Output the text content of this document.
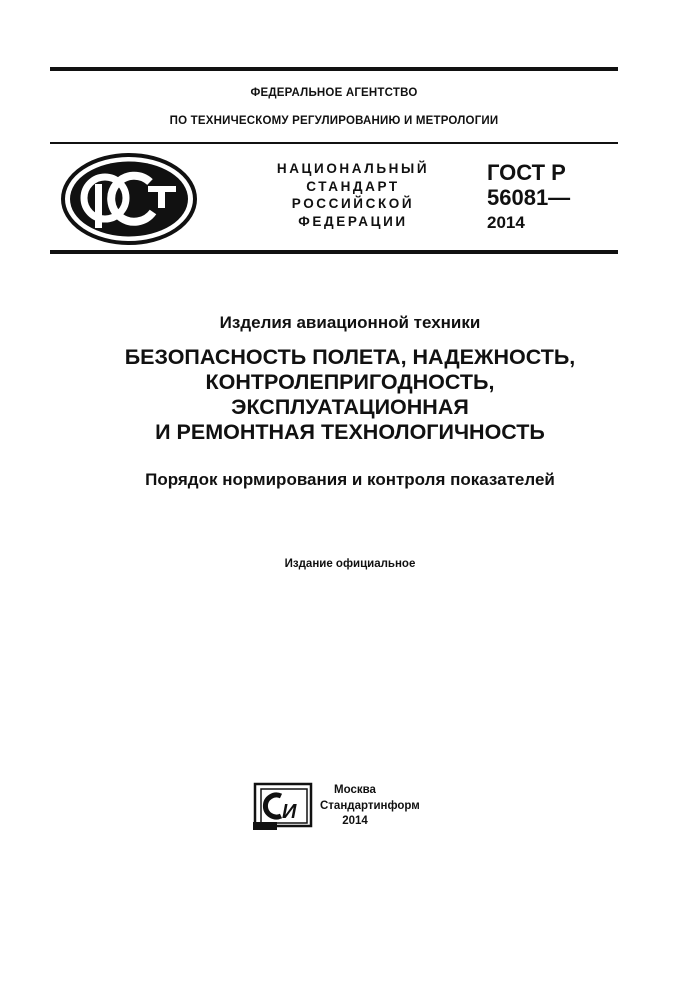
ФЕДЕРАЛЬНОЕ АГЕНТСТВО
ПО ТЕХНИЧЕСКОМУ РЕГУЛИРОВАНИЮ И МЕТРОЛОГИИ
НАЦИОНАЛЬНЫЙ
СТАНДАРТ
РОССИЙСКОЙ
ФЕДЕРАЦИИ
ГОСТ Р
56081—
2014
Изделия авиационной техники
БЕЗОПАСНОСТЬ ПОЛЕТА, НАДЕЖНОСТЬ,
КОНТРОЛЕПРИГОДНОСТЬ,
ЭКСПЛУАТАЦИОННАЯ
И РЕМОНТНАЯ ТЕХНОЛОГИЧНОСТЬ
Порядок нормирования и контроля показателей
Издание официальное
И
Москва
Стандартинформ
2014
